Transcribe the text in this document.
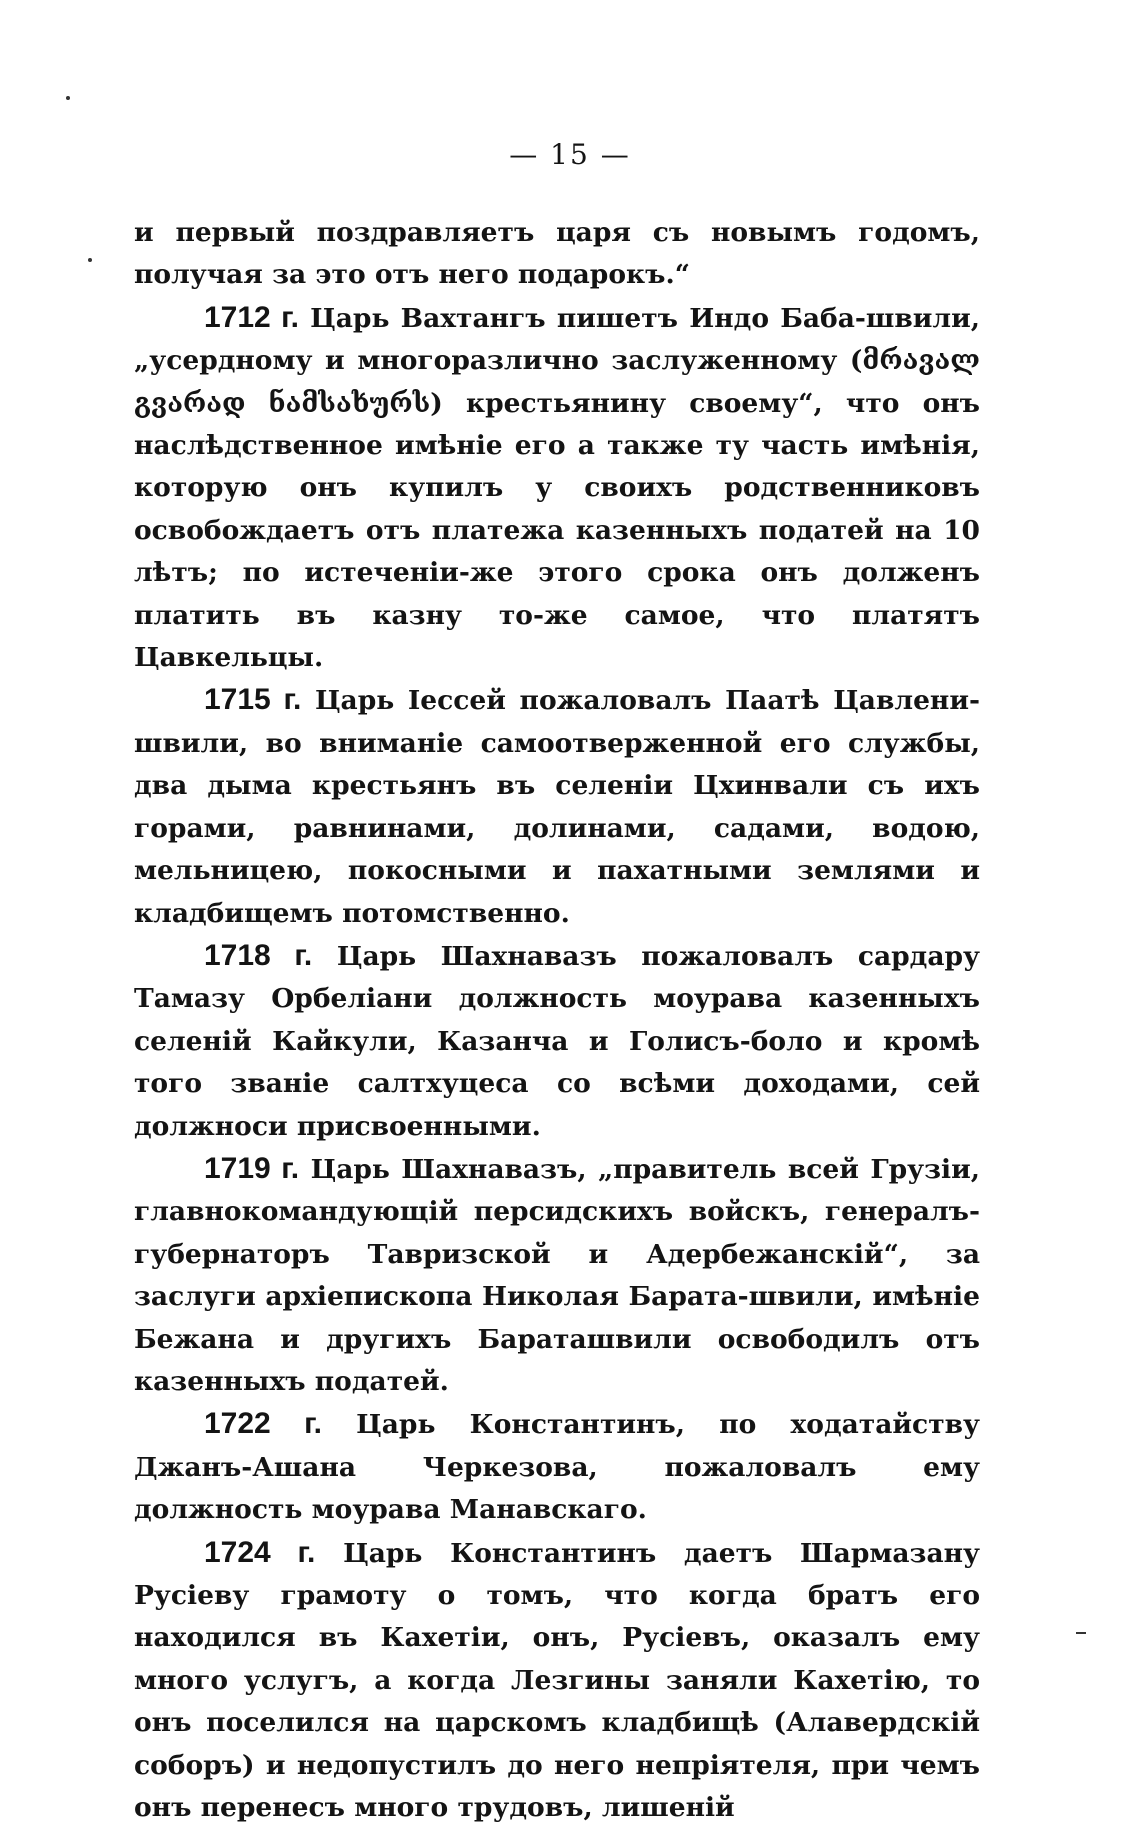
— 15 —

и первый поздравляетъ царя съ новымъ годомъ, получая за это отъ него подарокъ.“

1712 г. Царь Вахтангъ пишетъ Индо Баба-швили, „усердному и многоразлично заслуженному (მრავალ გვარად ნამსახურს) крестьянину своему“, что онъ наслѣдственное имѣніе его а также ту часть имѣнія, которую онъ купилъ у своихъ родственниковъ освобождаетъ отъ платежа казенныхъ податей на 10 лѣтъ; по истеченіи-же этого срока онъ долженъ платить въ казну то-же самое, что платятъ Цавкельцы.

1715 г. Царь Іессей пожаловалъ Паатѣ Цавлени-швили, во вниманіе самоотверженной его службы, два дыма крестьянъ въ селеніи Цхинвали съ ихъ горами, равнинами, долинами, садами, водою, мельницею, покосными и пахатными землями и кладбищемъ потомственно.

1718 г. Царь Шахнавазъ пожаловалъ сардару Тамазу Орбеліани должность моурава казенныхъ селеній Кайкули, Казанча и Голисъ-боло и кромѣ того званіе салтхуцеса со всѣми доходами, сей должноси присвоенными.

1719 г. Царь Шахнавазъ, „правитель всей Грузіи, главнокомандующій персидскихъ войскъ, генералъ-губернаторъ Тавризской и Адербежанскій“, за заслуги архіепископа Николая Барата-швили, имѣніе Бежана и другихъ Бараташвили освободилъ отъ казенныхъ податей.

1722 г. Царь Константинъ, по ходатайству Джанъ-Ашана Черкезова, пожаловалъ ему должность моурава Манавскаго.

1724 г. Царь Константинъ даетъ Шармазану Русіеву грамоту о томъ, что когда братъ его находился въ Кахетіи, онъ, Русіевъ, оказалъ ему много услугъ, а когда Лезгины заняли Кахетію, то онъ поселился на царскомъ кладбищѣ (Алавердскій соборъ) и недопустилъ до него непріятеля, при чемъ онъ перенесъ много трудовъ, лишеній
